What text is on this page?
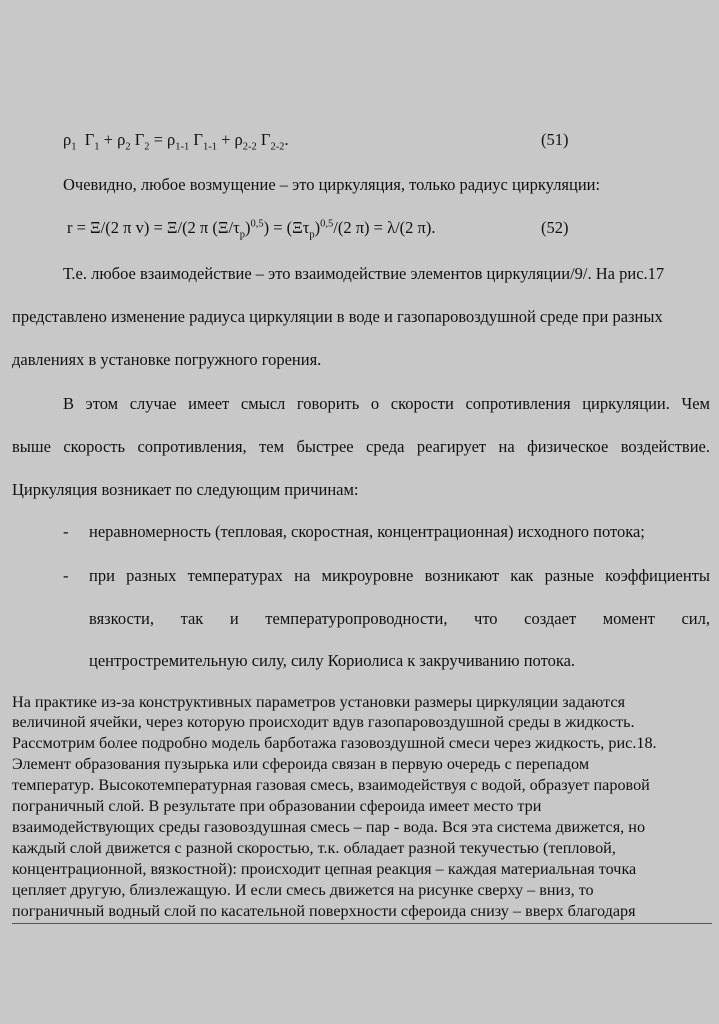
$\rho_1$ $\Gamma_1 + \rho_2$ $\Gamma_2 = \rho_{1-1}$ $\Gamma_{1-1} + \rho_{2-2}$ $\Gamma_{2-2}$.	(51)
Очевидно, любое возмущение – это циркуляция, только радиус циркуляции:
r = Ξ/(2 π v) = Ξ/(2 π $(\Xi/\tau_p)^{0,5}) = (\Xi\tau_p)^{0,5}/(2$ π) = λ/(2 π).	(52)
Т.е. любое взаимодействие – это взаимодействие элементов циркуляции/9/. На рис.17
представлено изменение радиуса циркуляции в воде и газопаровоздушной среде при разных
давлениях в установке погружного горения.
В этом случае имеет смысл говорить о скорости сопротивления циркуляции. Чем
выше скорость сопротивления, тем быстрее среда реагирует на физическое воздействие.
Циркуляция возникает по следующим причинам:
- неравномерность (тепловая, скоростная, концентрационная) исходного потока;
- при разных температурах на микроуровне возникают как разные коэффициенты
вязкости, так и температуропроводности, что создает момент сил,
центростремительную силу, силу Кориолиса к закручиванию потока.
На практике из-за конструктивных параметров установки размеры циркуляции задаются
величиной ячейки, через которую происходит вдув газопаровоздушной среды в жидкость.
Рассмотрим более подробно модель барботажа газовоздушной смеси через жидкость, рис.18.
Элемент образования пузырька или сфероида связан в первую очередь с перепадом
температур. Высокотемпературная газовая смесь, взаимодействуя с водой, образует паровой
пограничный слой. В результате при образовании сфероида имеет место три
взаимодействующих среды газовоздушная смесь – пар - вода. Вся эта система движется, но
каждый слой движется с разной скоростью, т.к. обладает разной текучестью (тепловой,
концентрационной, вязкостной): происходит цепная реакция – каждая материальная точка
цепляет другую, близлежащую. И если смесь движется на рисунке сверху – вниз, то
пограничный водный слой по касательной поверхности сфероида снизу – вверх благодаря
